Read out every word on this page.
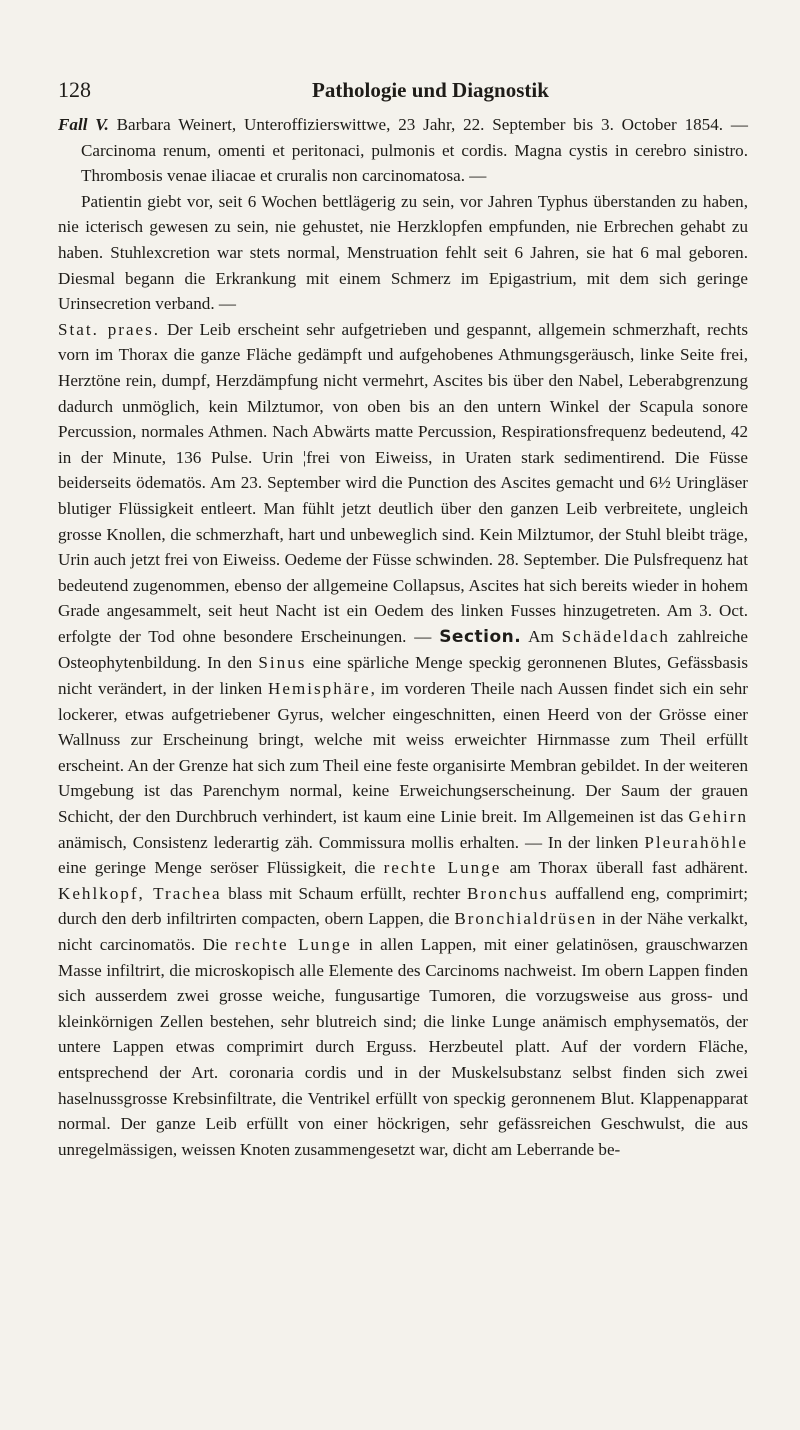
128	Pathologie und Diagnostik

Fall V. Barbara Weinert, Unteroffizierswittwe, 23 Jahr, 22. September bis 3. October 1854. — Carcinoma renum, omenti et peritonaci, pulmonis et cordis. Magna cystis in cerebro sinistro. Thrombosis venae iliacae et cruralis non carcinomatosa. —

Patientin giebt vor, seit 6 Wochen bettlägerig zu sein, vor Jahren Typhus überstanden zu haben, nie icterisch gewesen zu sein, nie gehustet, nie Herzklopfen empfunden, nie Erbrechen gehabt zu haben. Stuhlexcretion war stets normal, Menstruation fehlt seit 6 Jahren, sie hat 6 mal geboren. Diesmal begann die Erkrankung mit einem Schmerz im Epigastrium, mit dem sich geringe Urinsecretion verband. —

Stat. praes. Der Leib erscheint sehr aufgetrieben und gespannt, allgemein schmerzhaft, rechts vorn im Thorax die ganze Fläche gedämpft und aufgehobenes Athmungsgeräusch, linke Seite frei, Herztöne rein, dumpf, Herzdämpfung nicht vermehrt, Ascites bis über den Nabel, Leberabgrenzung dadurch unmöglich, kein Milztumor, von oben bis an den untern Winkel der Scapula sonore Percussion, normales Athmen. Nach Abwärts matte Percussion, Respirationsfrequenz bedeutend, 42 in der Minute, 136 Pulse. Urin ¦frei von Eiweiss, in Uraten stark sedimentirend. Die Füsse beiderseits ödematös. Am 23. September wird die Punction des Ascites gemacht und 6½ Uringläser blutiger Flüssigkeit entleert. Man fühlt jetzt deutlich über den ganzen Leib verbreitete, ungleich grosse Knollen, die schmerzhaft, hart und unbeweglich sind. Kein Milztumor, der Stuhl bleibt träge, Urin auch jetzt frei von Eiweiss. Oedeme der Füsse schwinden. 28. September. Die Pulsfrequenz hat bedeutend zugenommen, ebenso der allgemeine Collapsus, Ascites hat sich bereits wieder in hohem Grade angesammelt, seit heut Nacht ist ein Oedem des linken Fusses hinzugetreten. Am 3. Oct. erfolgte der Tod ohne besondere Erscheinungen. — Section. Am Schädeldach zahlreiche Osteophytenbildung. In den Sinus eine spärliche Menge speckig geronnenen Blutes, Gefässbasis nicht verändert, in der linken Hemisphäre, im vorderen Theile nach Aussen findet sich ein sehr lockerer, etwas aufgetriebener Gyrus, welcher eingeschnitten, einen Heerd von der Grösse einer Wallnuss zur Erscheinung bringt, welche mit weiss erweichter Hirnmasse zum Theil erfüllt erscheint. An der Grenze hat sich zum Theil eine feste organisirte Membran gebildet. In der weiteren Umgebung ist das Parenchym normal, keine Erweichungserscheinung. Der Saum der grauen Schicht, der den Durchbruch verhindert, ist kaum eine Linie breit. Im Allgemeinen ist das Gehirn anämisch, Consistenz lederartig zäh. Commissura mollis erhalten. — In der linken Pleurahöhle eine geringe Menge seröser Flüssigkeit, die rechte Lunge am Thorax überall fast adhärent. Kehlkopf, Trachea blass mit Schaum erfüllt, rechter Bronchus auffallend eng, comprimirt; durch den derb infiltrirten compacten, obern Lappen, die Bronchialdrüsen in der Nähe verkalkt, nicht carcinomatös. Die rechte Lunge in allen Lappen, mit einer gelatinösen, grauschwarzen Masse infiltrirt, die microskopisch alle Elemente des Carcinoms nachweist. Im obern Lappen finden sich ausserdem zwei grosse weiche, fungusartige Tumoren, die vorzugsweise aus gross- und kleinkörnigen Zellen bestehen, sehr blutreich sind; die linke Lunge anämisch emphysematös, der untere Lappen etwas comprimirt durch Erguss. Herzbeutel platt. Auf der vordern Fläche, entsprechend der Art. coronaria cordis und in der Muskelsubstanz selbst finden sich zwei haselnussgrosse Krebsinfiltrate, die Ventrikel erfüllt von speckig geronnenem Blut. Klappenapparat normal. Der ganze Leib erfüllt von einer höckrigen, sehr gefässreichen Geschwulst, die aus unregelmässigen, weissen Knoten zusammengesetzt war, dicht am Leberrande be-
